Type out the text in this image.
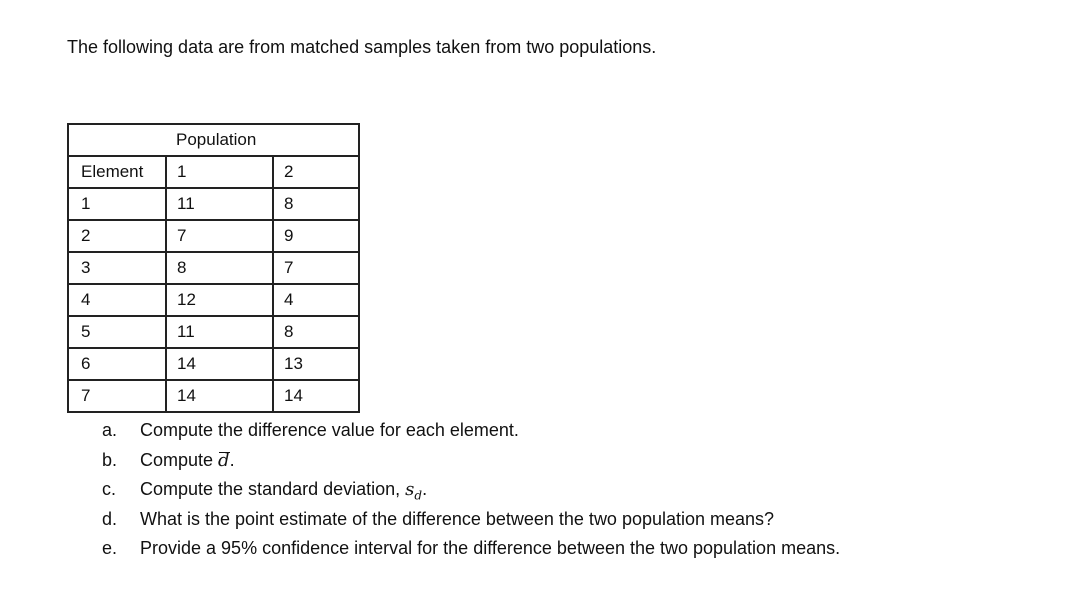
The following data are from matched samples taken from two populations.
Population		
Element	1	2
1	11	8
2	7	9
3	8	7
4	12	4
5	11	8
6	14	13
7	14	14
a.	Compute the difference value for each element.
b.	Compute d.
c.	Compute the standard deviation, $s_d$.
d.	What is the point estimate of the difference between the two population means?
e.	Provide a 95% confidence interval for the difference between the two population means.
